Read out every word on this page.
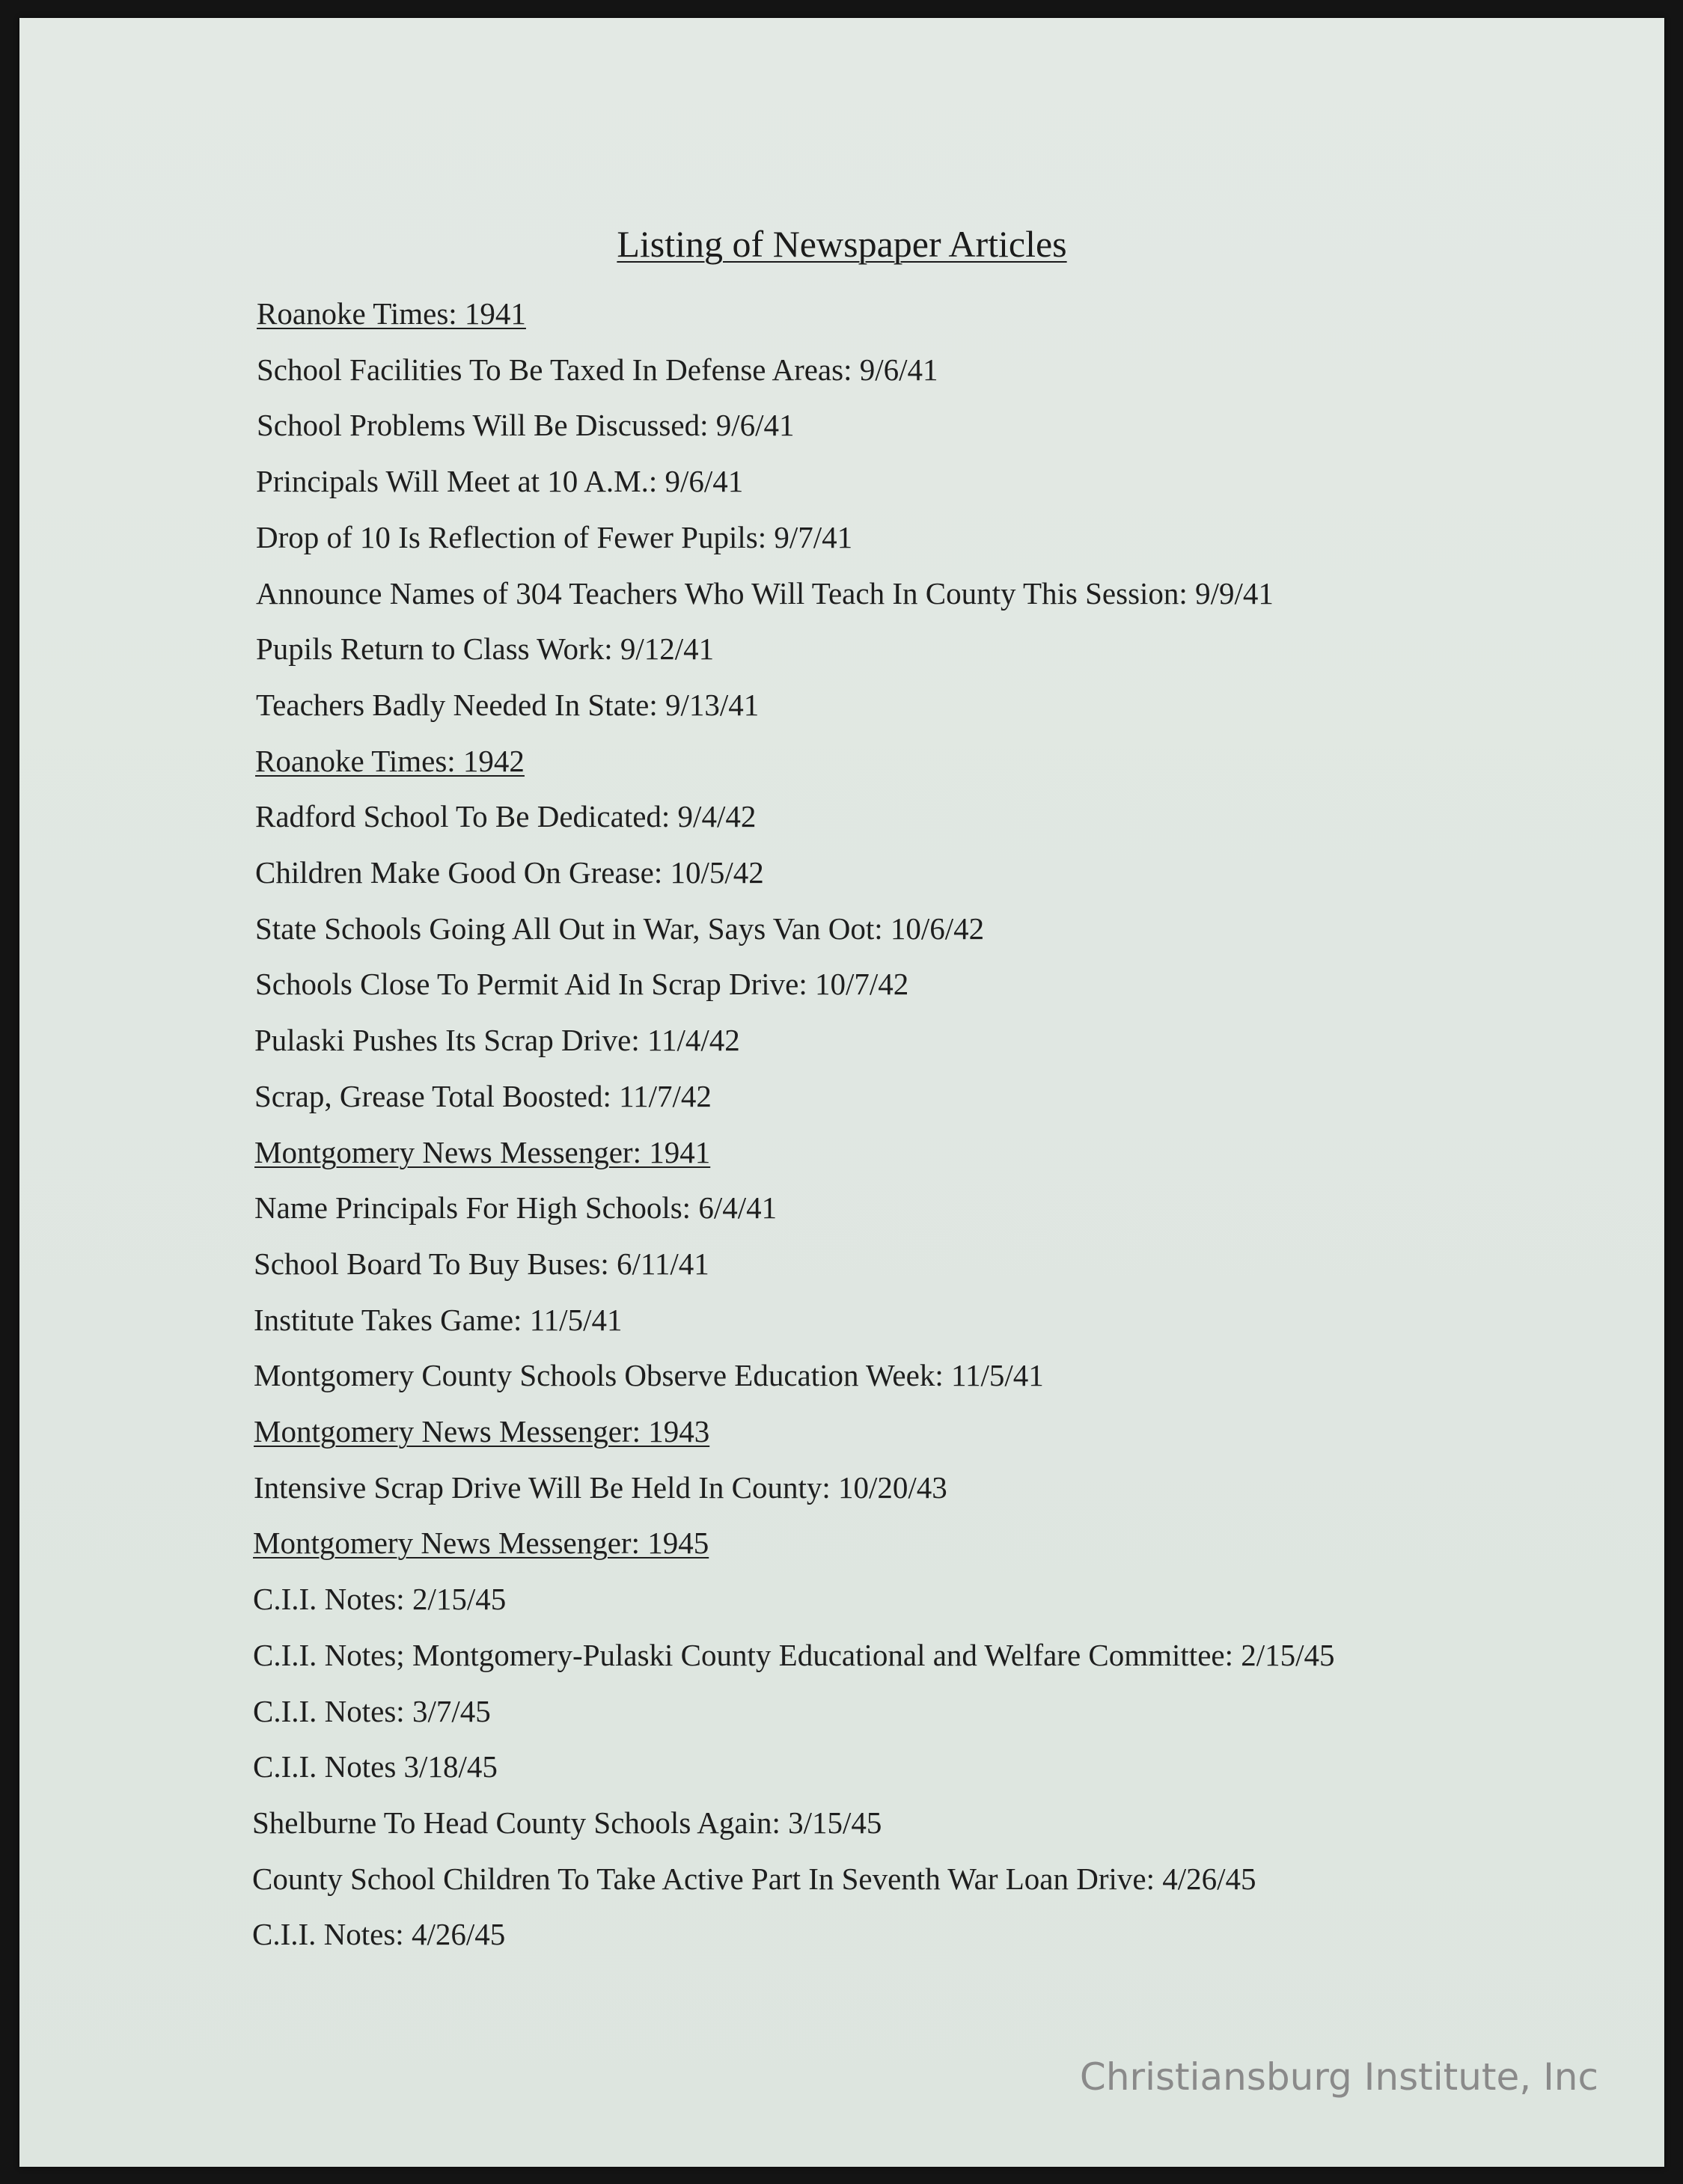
Listing of Newspaper Articles
Roanoke Times: 1941
School Facilities To Be Taxed In Defense Areas: 9/6/41
School Problems Will Be Discussed: 9/6/41
Principals Will Meet at 10 A.M.: 9/6/41
Drop of 10 Is Reflection of Fewer Pupils: 9/7/41
Announce Names of 304 Teachers Who Will Teach In County This Session: 9/9/41
Pupils Return to Class Work: 9/12/41
Teachers Badly Needed In State: 9/13/41
Roanoke Times: 1942
Radford School To Be Dedicated: 9/4/42
Children Make Good On Grease: 10/5/42
State Schools Going All Out in War, Says Van Oot: 10/6/42
Schools Close To Permit Aid In Scrap Drive: 10/7/42
Pulaski Pushes Its Scrap Drive: 11/4/42
Scrap, Grease Total Boosted: 11/7/42
Montgomery News Messenger: 1941
Name Principals For High Schools: 6/4/41
School Board To Buy Buses: 6/11/41
Institute Takes Game: 11/5/41
Montgomery County Schools Observe Education Week: 11/5/41
Montgomery News Messenger: 1943
Intensive Scrap Drive Will Be Held In County: 10/20/43
Montgomery News Messenger: 1945
C.I.I. Notes: 2/15/45
C.I.I. Notes; Montgomery-Pulaski County Educational and Welfare Committee: 2/15/45
C.I.I. Notes: 3/7/45
C.I.I. Notes 3/18/45
Shelburne To Head County Schools Again: 3/15/45
County School Children To Take Active Part In Seventh War Loan Drive: 4/26/45
C.I.I. Notes: 4/26/45
Christiansburg Institute, Inc
